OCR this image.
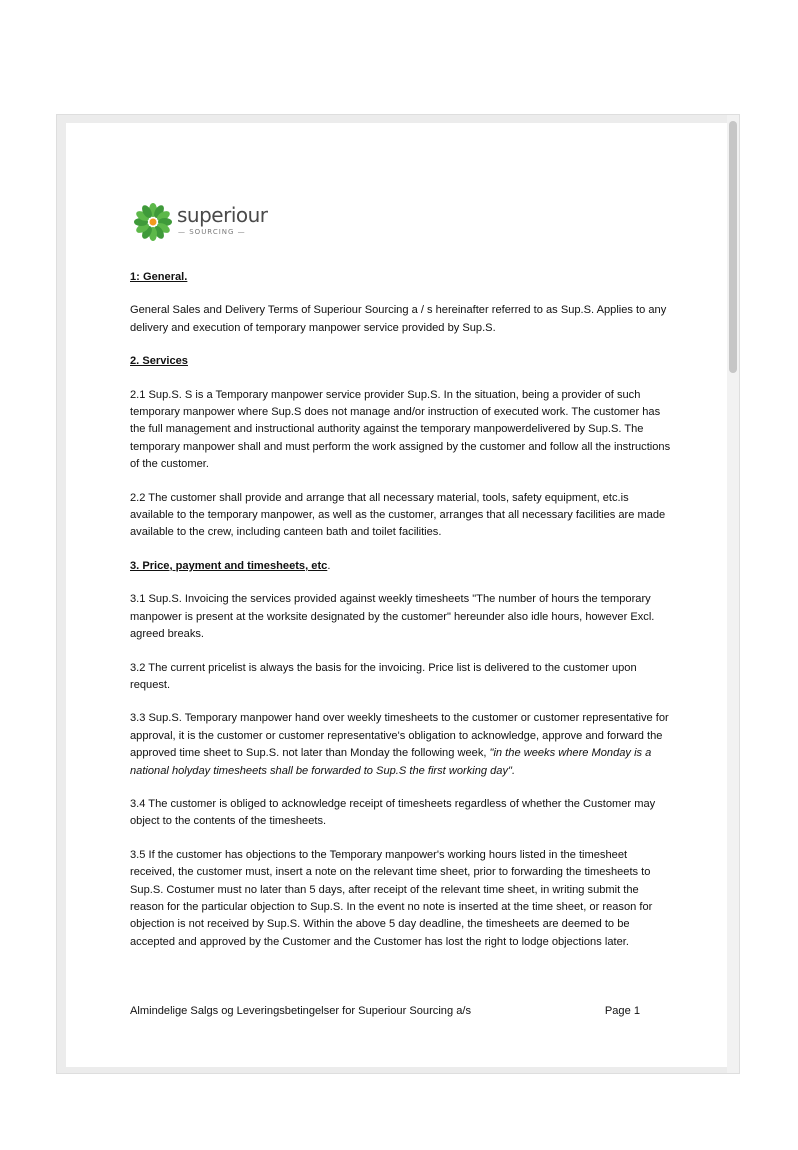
superiour
— SOURCING —

1: General.

General Sales and Delivery Terms of Superiour Sourcing a / s hereinafter referred to as Sup.S. Applies to any delivery and execution of temporary manpower service provided by Sup.S.

2. Services

2.1 Sup.S. S is a Temporary manpower service provider Sup.S. In the situation, being a provider of such temporary manpower where Sup.S does not manage and/or instruction of executed work. The customer has the full management and instructional authority against the temporary manpowerdelivered by Sup.S. The temporary manpower shall and must perform the work assigned by the customer and follow all the instructions of the customer.

2.2 The customer shall provide and arrange that all necessary material, tools, safety equipment, etc.is available to the temporary manpower, as well as the customer, arranges that all necessary facilities are made available to the crew, including canteen bath and toilet facilities.

3. Price, payment and timesheets, etc.

3.1 Sup.S. Invoicing the services provided against weekly timesheets "The number of hours the temporary manpower is present at the worksite designated by the customer" hereunder also idle hours, however Excl. agreed breaks.

3.2 The current pricelist is always the basis for the invoicing. Price list is delivered to the customer upon request.

3.3 Sup.S. Temporary manpower hand over weekly timesheets to the customer or customer representative for approval, it is the customer or customer representative's obligation to acknowledge, approve and forward the approved time sheet to Sup.S. not later than Monday the following week, "in the weeks where Monday is a national holyday timesheets shall be forwarded to Sup.S the first working day".

3.4 The customer is obliged to acknowledge receipt of timesheets regardless of whether the Customer may object to the contents of the timesheets.

3.5 If the customer has objections to the Temporary manpower's working hours listed in the timesheet received, the customer must, insert a note on the relevant time sheet, prior to forwarding the timesheets to Sup.S. Costumer must no later than 5 days, after receipt of the relevant time sheet, in writing submit the reason for the particular objection to Sup.S. In the event no note is inserted at the time sheet, or reason for objection is not received by Sup.S. Within the above 5 day deadline, the timesheets are deemed to be accepted and approved by the Customer and the Customer has lost the right to lodge objections later.

Almindelige Salgs og Leveringsbetingelser for Superiour Sourcing a/s	Page 1
